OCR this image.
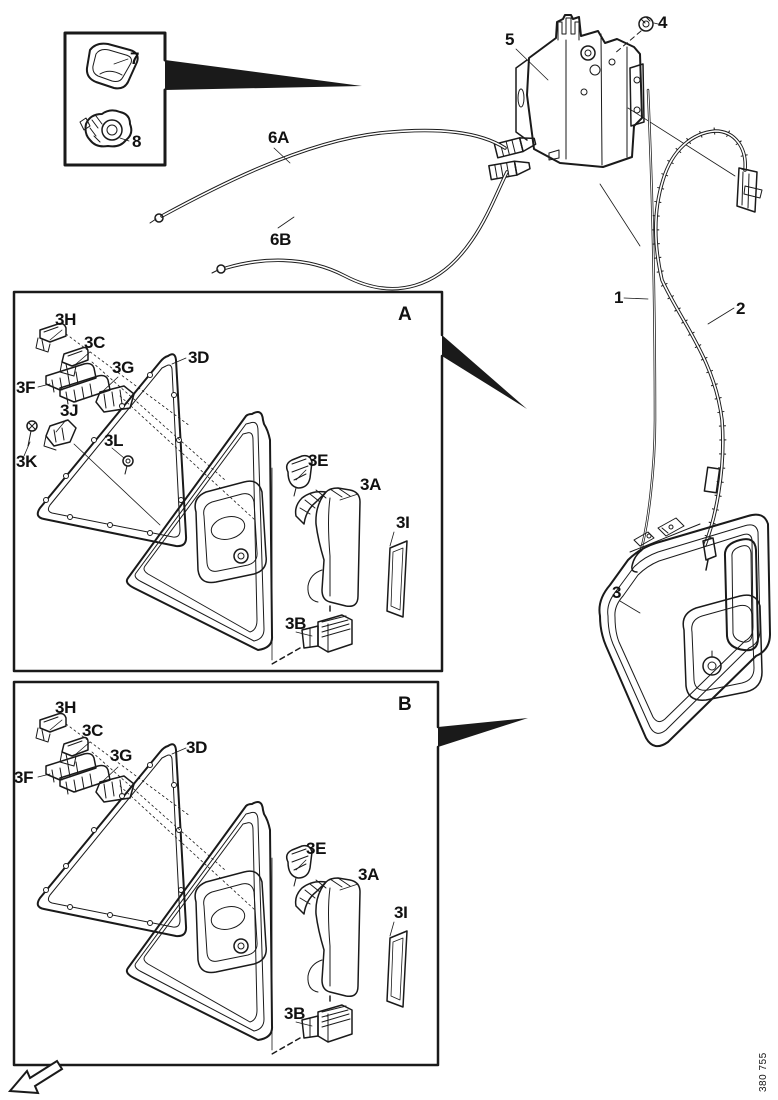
7
8
5
4
6A
6B
1
2
3
A
3H
3C
3G
3F
3D
3J
3K
3L
3E
3A
3I
3B
B
3H
3C
3G
3F
3D
3E
3A
3I
3B
380 755
